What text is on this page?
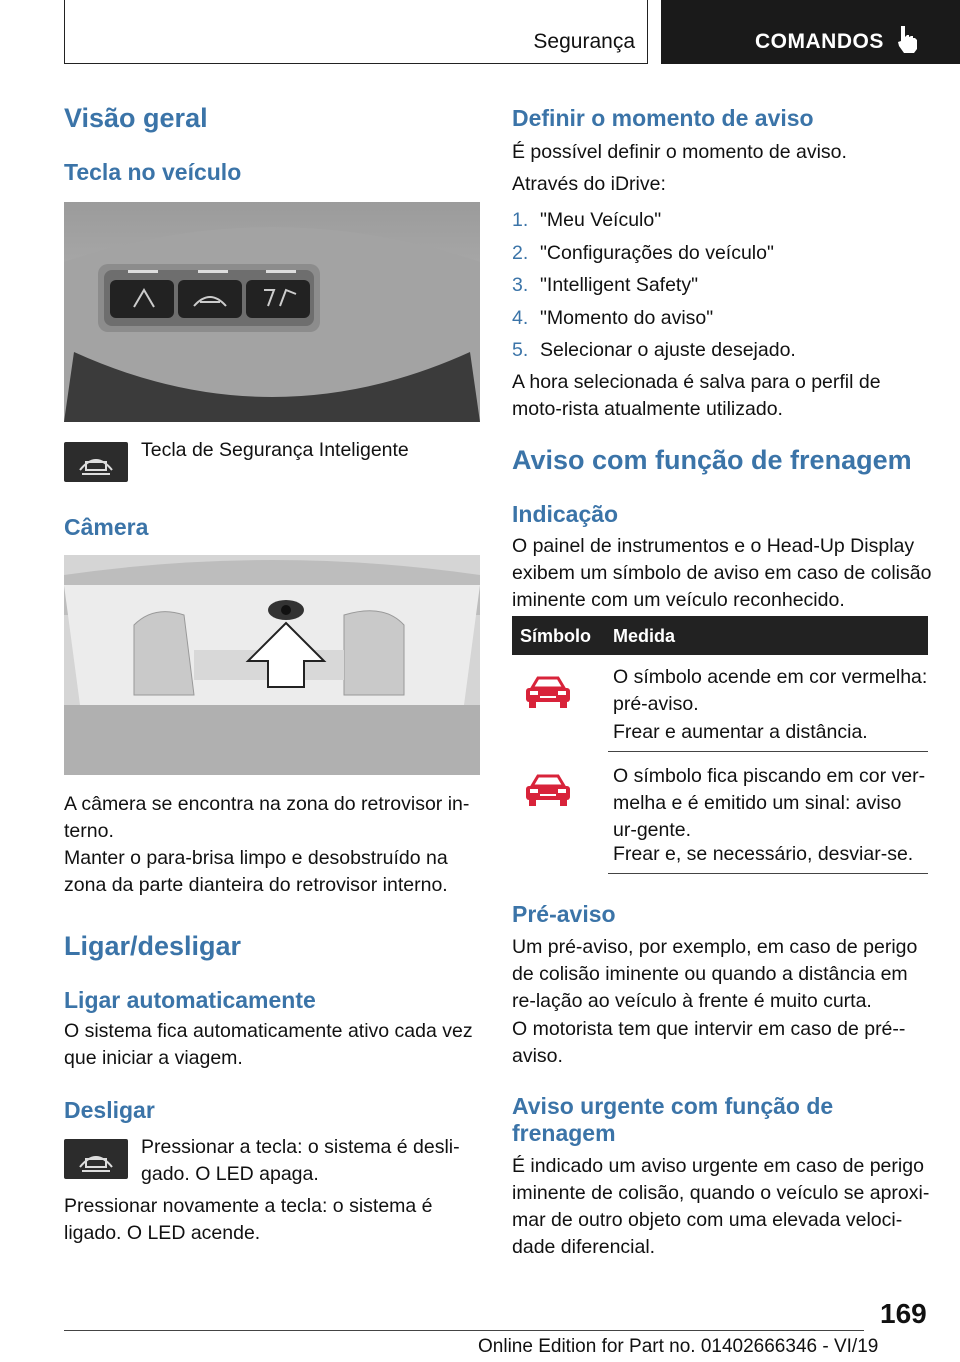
Segurança	COMANDOS
Visão geral
Tecla no veículo
Tecla de Segurança Inteligente
Câmera
A câmera se encontra na zona do retrovisor in-terno.
Manter o para-brisa limpo e desobstruído na zona da parte dianteira do retrovisor interno.
Ligar/desligar
Ligar automaticamente
O sistema fica automaticamente ativo cada vez que iniciar a viagem.
Desligar
Pressionar a tecla: o sistema é desli-gado. O LED apaga.
Pressionar novamente a tecla: o sistema é ligado. O LED acende.
Definir o momento de aviso
É possível definir o momento de aviso.
Através do iDrive:
1. "Meu Veículo"
2. "Configurações do veículo"
3. "Intelligent Safety"
4. "Momento do aviso"
5. Selecionar o ajuste desejado.
A hora selecionada é salva para o perfil de moto-rista atualmente utilizado.
Aviso com função de frenagem
Indicação
O painel de instrumentos e o Head-Up Display exibem um símbolo de aviso em caso de colisão iminente com um veículo reconhecido.
Símbolo Medida
O símbolo acende em cor vermelha: pré-aviso.
Frear e aumentar a distância.
O símbolo fica piscando em cor ver-melha e é emitido um sinal: aviso ur-gente.
Frear e, se necessário, desviar-se.
Pré-aviso
Um pré-aviso, por exemplo, em caso de perigo de colisão iminente ou quando a distância em re-lação ao veículo à frente é muito curta.
O motorista tem que intervir em caso de pré--aviso.
Aviso urgente com função de frenagem
É indicado um aviso urgente em caso de perigo iminente de colisão, quando o veículo se aproxi-mar de outro objeto com uma elevada veloci-dade diferencial.
169
Online Edition for Part no. 01402666346 - VI/19
